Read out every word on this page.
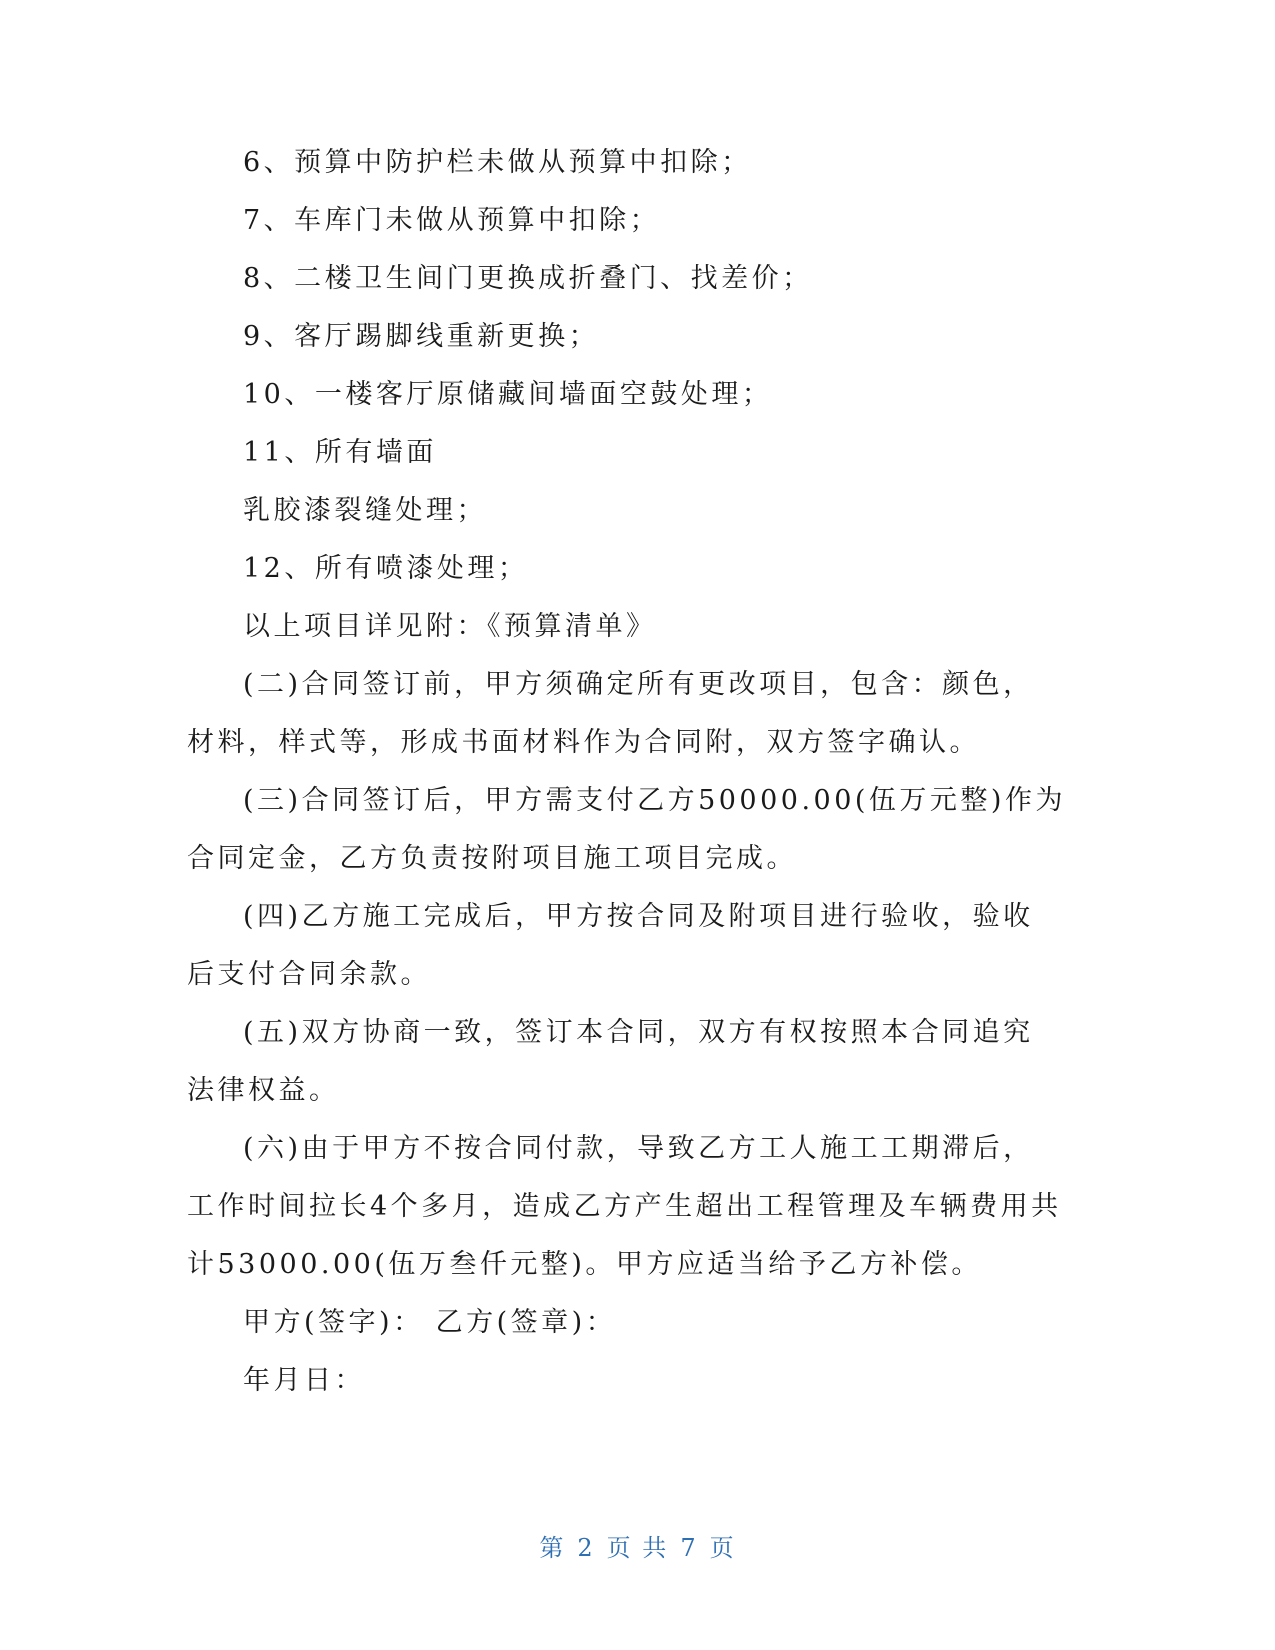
6、预算中防护栏未做从预算中扣除；
7、车库门未做从预算中扣除；
8、二楼卫生间门更换成折叠门、找差价；
9、客厅踢脚线重新更换；
10、一楼客厅原储藏间墙面空鼓处理；
11、所有墙面
乳胶漆裂缝处理；
12、所有喷漆处理；
以上项目详见附：《预算清单》
(二)合同签订前，甲方须确定所有更改项目，包含：颜色，
材料，样式等，形成书面材料作为合同附，双方签字确认。
(三)合同签订后，甲方需支付乙方50000.00(伍万元整)作为
合同定金，乙方负责按附项目施工项目完成。
(四)乙方施工完成后，甲方按合同及附项目进行验收，验收
后支付合同余款。
(五)双方协商一致，签订本合同，双方有权按照本合同追究
法律权益。
(六)由于甲方不按合同付款，导致乙方工人施工工期滞后，
工作时间拉长4个多月，造成乙方产生超出工程管理及车辆费用共
计53000.00(伍万叁仟元整)。甲方应适当给予乙方补偿。
甲方(签字)： 乙方(签章)：
年月日：
第 2 页 共 7 页
